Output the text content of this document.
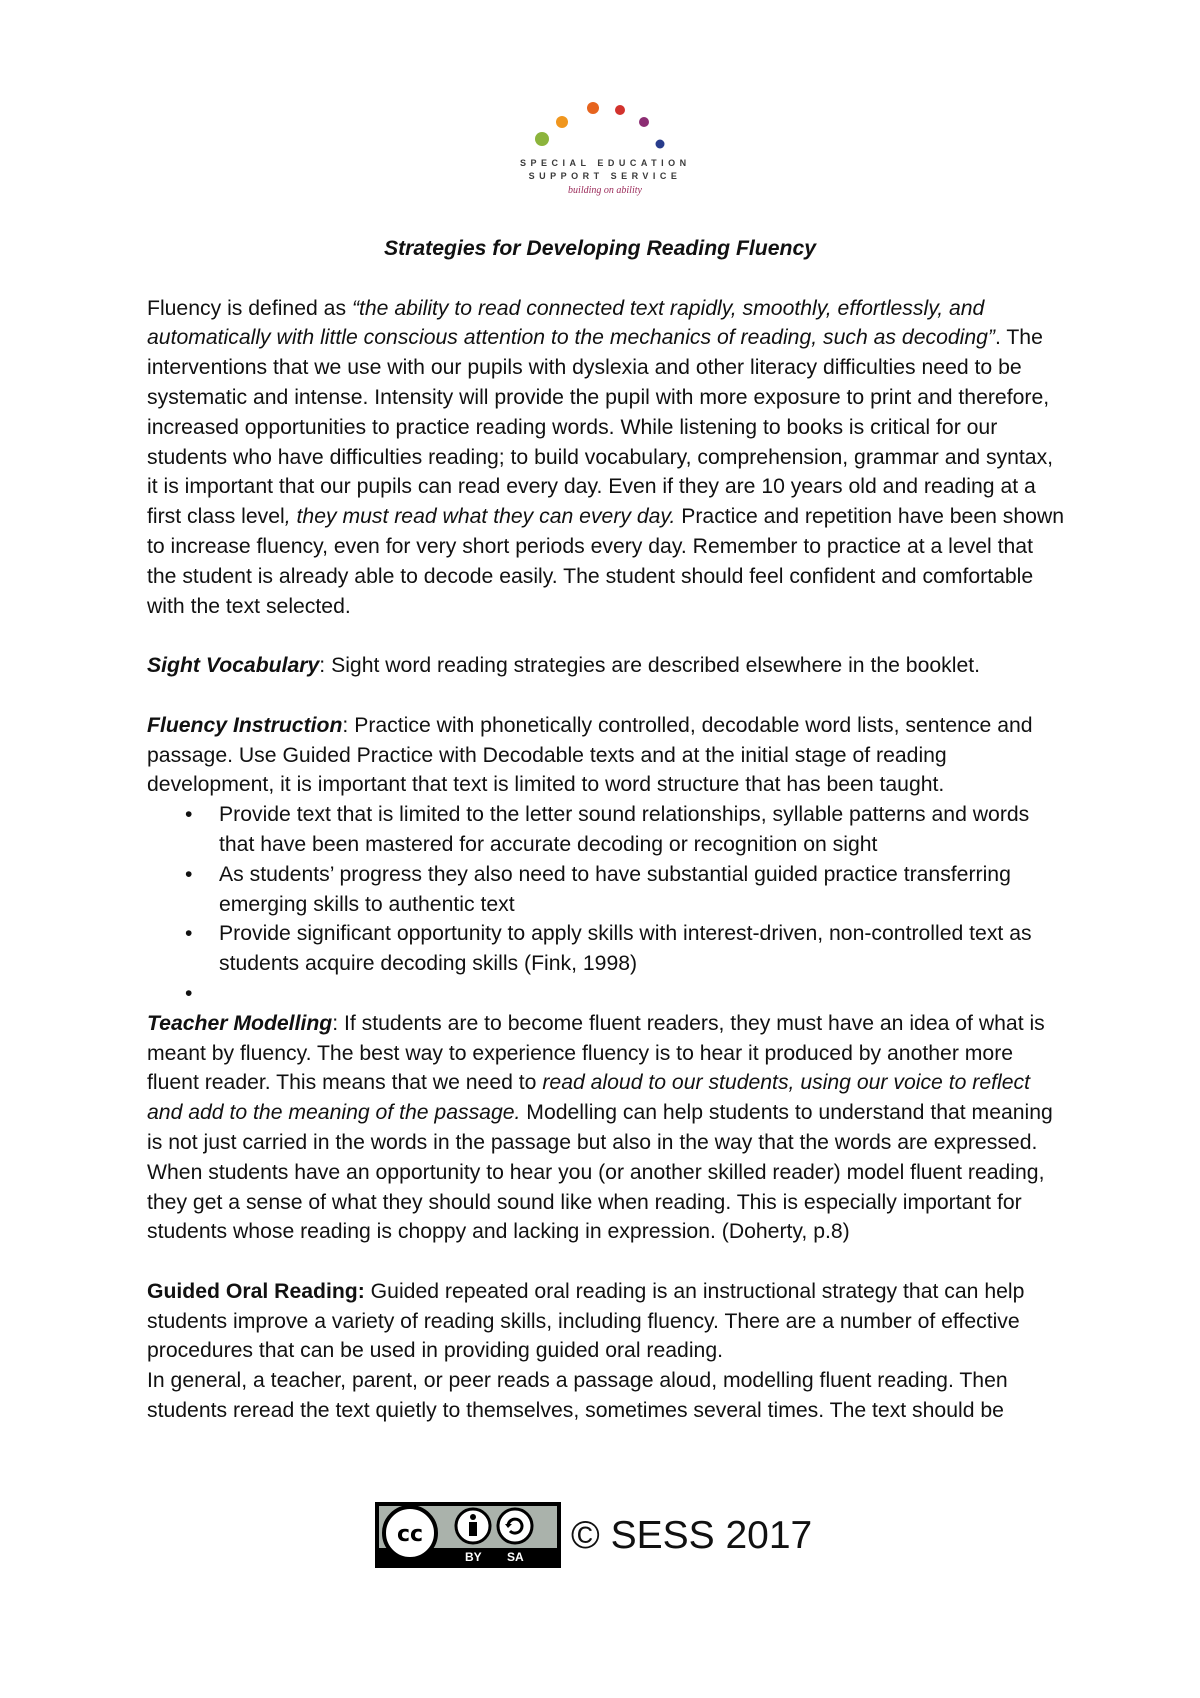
SPECIAL EDUCATION
SUPPORT SERVICE
building on ability
Strategies for Developing Reading Fluency

Fluency is defined as “the ability to read connected text rapidly, smoothly, effortlessly, and automatically with little conscious attention to the mechanics of reading, such as decoding”. The interventions that we use with our pupils with dyslexia and other literacy difficulties need to be systematic and intense. Intensity will provide the pupil with more exposure to print and therefore, increased opportunities to practice reading words. While listening to books is critical for our students who have difficulties reading; to build vocabulary, comprehension, grammar and syntax, it is important that our pupils can read every day. Even if they are 10 years old and reading at a first class level, they must read what they can every day. Practice and repetition have been shown to increase fluency, even for very short periods every day. Remember to practice at a level that the student is already able to decode easily. The student should feel confident and comfortable with the text selected.

Sight Vocabulary: Sight word reading strategies are described elsewhere in the booklet.

Fluency Instruction: Practice with phonetically controlled, decodable word lists, sentence and passage. Use Guided Practice with Decodable texts and at the initial stage of reading development, it is important that text is limited to word structure that has been taught.

• Provide text that is limited to the letter sound relationships, syllable patterns and words that have been mastered for accurate decoding or recognition on sight
• As students’ progress they also need to have substantial guided practice transferring emerging skills to authentic text
• Provide significant opportunity to apply skills with interest-driven, non-controlled text as students acquire decoding skills (Fink, 1998)
•

Teacher Modelling: If students are to become fluent readers, they must have an idea of what is meant by fluency. The best way to experience fluency is to hear it produced by another more fluent reader. This means that we need to read aloud to our students, using our voice to reflect and add to the meaning of the passage. Modelling can help students to understand that meaning is not just carried in the words in the passage but also in the way that the words are expressed. When students have an opportunity to hear you (or another skilled reader) model fluent reading, they get a sense of what they should sound like when reading. This is especially important for students whose reading is choppy and lacking in expression. (Doherty, p.8)

Guided Oral Reading: Guided repeated oral reading is an instructional strategy that can help students improve a variety of reading skills, including fluency. There are a number of effective procedures that can be used in providing guided oral reading.

In general, a teacher, parent, or peer reads a passage aloud, modelling fluent reading. Then students reread the text quietly to themselves, sometimes several times. The text should be

cc
BY SA © SESS 2017
